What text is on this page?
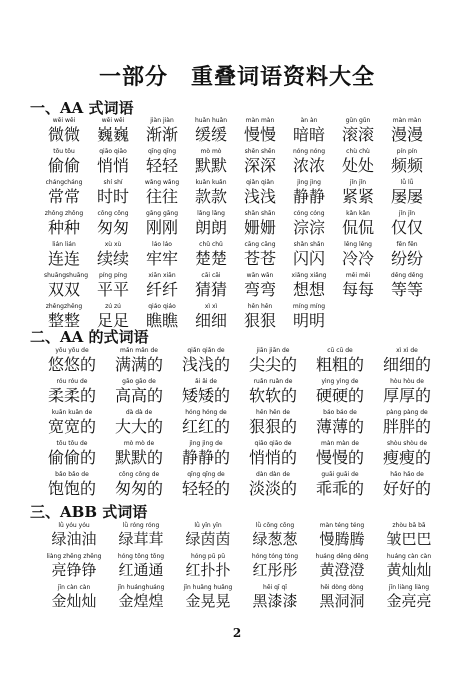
一部分　重叠词语资料大全
一、AA 式词语
wēi wēi
微微
wēi wēi
巍巍
jiàn jiàn
渐渐
huǎn huǎn
缓缓
màn màn
慢慢
àn àn
暗暗
gǔn gǔn
滚滚
màn màn
漫漫
tōu tōu
偷偷
qiāo qiāo
悄悄
qīng qīng
轻轻
mò mò
默默
shēn shēn
深深
nóng nóng
浓浓
chù chù
处处
pín pín
频频
chángcháng
常常
shí shí
时时
wǎng wǎng
往往
kuǎn kuǎn
款款
qiǎn qiǎn
浅浅
jìng jìng
静静
jǐn jǐn
紧紧
lǚ lǚ
屡屡
zhǒng zhǒng
种种
cōng cōng
匆匆
gāng gāng
刚刚
lǎng lǎng
朗朗
shān shān
姗姗
cóng cóng
淙淙
kǎn kǎn
侃侃
jǐn jǐn
仅仅
lián lián
连连
xù xù
续续
láo láo
牢牢
chǔ chǔ
楚楚
cāng cāng
苍苍
shǎn shǎn
闪闪
lěng lěng
冷冷
fēn fēn
纷纷
shuāngshuāng
双双
píng píng
平平
xiān xiān
纤纤
cāi cāi
猜猜
wān wān
弯弯
xiǎng xiǎng
想想
měi měi
每每
děng děng
等等
zhěngzhěng
整整
zú zú
足足
qiáo qiáo
瞧瞧
xì xì
细细
hěn hěn
狠狠
míng míng
明明
二、AA 的式词语
yōu yōu de
悠悠的
mǎn mǎn de
满满的
qiǎn qiǎn de
浅浅的
jiān jiān de
尖尖的
cū cū de
粗粗的
xì xì de
细细的
róu róu de
柔柔的
gāo gāo de
高高的
ǎi ǎi de
矮矮的
ruǎn ruǎn de
软软的
yìng yìng de
硬硬的
hòu hòu de
厚厚的
kuān kuān de
宽宽的
dà dà de
大大的
hóng hóng de
红红的
hěn hěn de
狠狠的
báo báo de
薄薄的
pàng pàng de
胖胖的
tōu tōu de
偷偷的
mò mò de
默默的
jìng jìng de
静静的
qiāo qiāo de
悄悄的
màn màn de
慢慢的
shòu shòu de
瘦瘦的
bǎo bǎo de
饱饱的
cōng cōng de
匆匆的
qīng qīng de
轻轻的
dàn dàn de
淡淡的
guāi guāi de
乖乖的
hǎo hǎo de
好好的
三、ABB 式词语
lǜ yóu yóu
绿油油
lǜ róng róng
绿茸茸
lǜ yīn yīn
绿茵茵
lǜ cōng cōng
绿葱葱
màn téng téng
慢腾腾
zhòu bā bā
皱巴巴
liàng zhēng zhēng
亮铮铮
hóng tōng tōng
红通通
hóng pū pū
红扑扑
hóng tóng tóng
红彤彤
huáng dēng dēng
黄澄澄
huáng càn càn
黄灿灿
jīn càn càn
金灿灿
jīn huánghuáng
金煌煌
jīn huǎng huǎng
金晃晃
hēi qī qī
黑漆漆
hēi dòng dòng
黑洞洞
jīn liàng liàng
金亮亮
2
